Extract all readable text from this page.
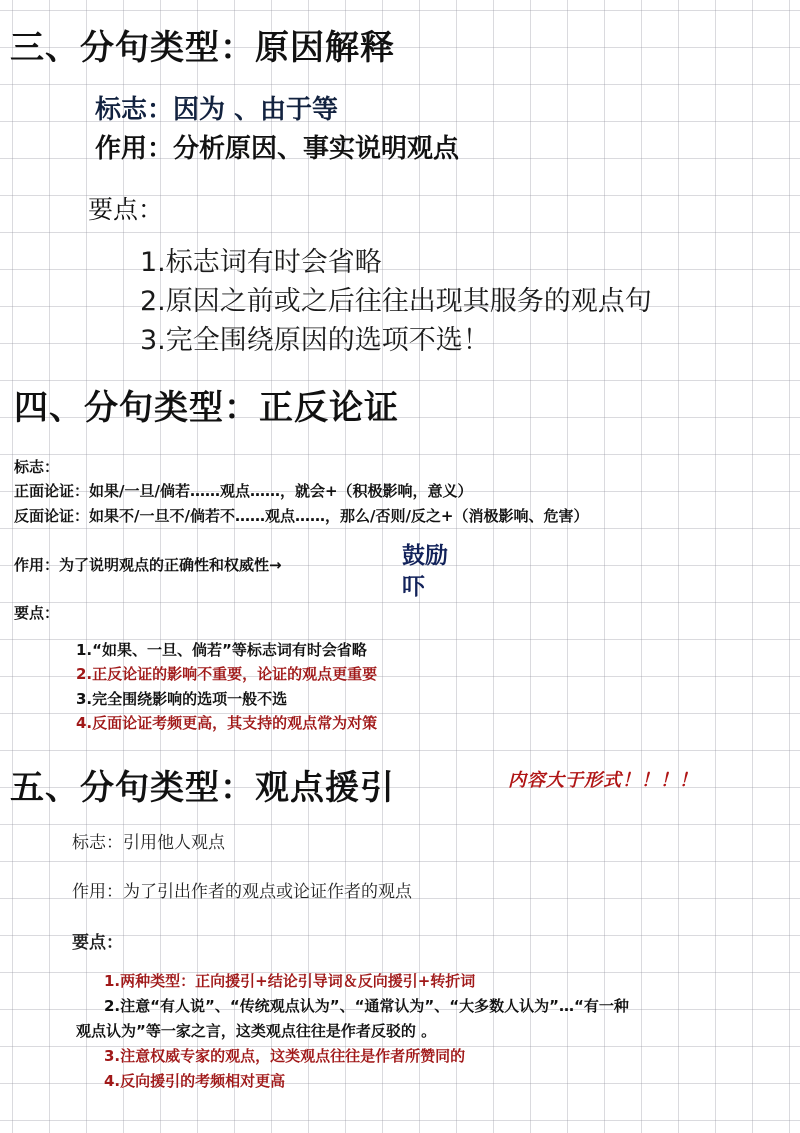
三、分句类型：原因解释
标志：因为 、由于等
作用：分析原因、事实说明观点
要点：
1.标志词有时会省略
2.原因之前或之后往往出现其服务的观点句
3.完全围绕原因的选项不选！
四、分句类型：正反论证
标志：
正面论证：如果/一旦/倘若……观点……，就会+（积极影响，意义）
反面论证：如果不/一旦不/倘若不……观点……，那么/否则/反之+（消极影响、危害）
作用：为了说明观点的正确性和权威性→	鼓励
吓
要点：
1.“如果、一旦、倘若”等标志词有时会省略
2.正反论证的影响不重要，论证的观点更重要
3.完全围绕影响的选项一般不选
4.反面论证考频更高，其支持的观点常为对策
五、分句类型：观点援引	内容大于形式！！！！
标志：引用他人观点
作用：为了引出作者的观点或论证作者的观点
要点：
1.两种类型：正向援引+结论引导词＆反向援引+转折词
2.注意“有人说”、“传统观点认为”、“通常认为”、“大多数人认为”…“有一种
观点认为”等一家之言，这类观点往往是作者反驳的 。
3.注意权威专家的观点，这类观点往往是作者所赞同的
4.反向援引的考频相对更高
